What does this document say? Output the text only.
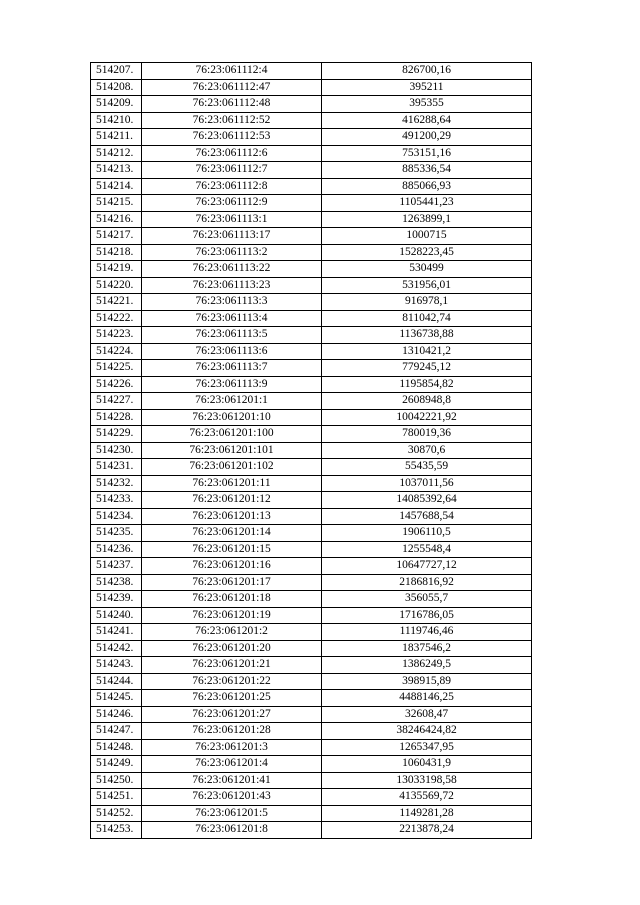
514207.	76:23:061112:4	826700,16
514208.	76:23:061112:47	395211
514209.	76:23:061112:48	395355
514210.	76:23:061112:52	416288,64
514211.	76:23:061112:53	491200,29
514212.	76:23:061112:6	753151,16
514213.	76:23:061112:7	885336,54
514214.	76:23:061112:8	885066,93
514215.	76:23:061112:9	1105441,23
514216.	76:23:061113:1	1263899,1
514217.	76:23:061113:17	1000715
514218.	76:23:061113:2	1528223,45
514219.	76:23:061113:22	530499
514220.	76:23:061113:23	531956,01
514221.	76:23:061113:3	916978,1
514222.	76:23:061113:4	811042,74
514223.	76:23:061113:5	1136738,88
514224.	76:23:061113:6	1310421,2
514225.	76:23:061113:7	779245,12
514226.	76:23:061113:9	1195854,82
514227.	76:23:061201:1	2608948,8
514228.	76:23:061201:10	10042221,92
514229.	76:23:061201:100	780019,36
514230.	76:23:061201:101	30870,6
514231.	76:23:061201:102	55435,59
514232.	76:23:061201:11	1037011,56
514233.	76:23:061201:12	14085392,64
514234.	76:23:061201:13	1457688,54
514235.	76:23:061201:14	1906110,5
514236.	76:23:061201:15	1255548,4
514237.	76:23:061201:16	10647727,12
514238.	76:23:061201:17	2186816,92
514239.	76:23:061201:18	356055,7
514240.	76:23:061201:19	1716786,05
514241.	76:23:061201:2	1119746,46
514242.	76:23:061201:20	1837546,2
514243.	76:23:061201:21	1386249,5
514244.	76:23:061201:22	398915,89
514245.	76:23:061201:25	4488146,25
514246.	76:23:061201:27	32608,47
514247.	76:23:061201:28	38246424,82
514248.	76:23:061201:3	1265347,95
514249.	76:23:061201:4	1060431,9
514250.	76:23:061201:41	13033198,58
514251.	76:23:061201:43	4135569,72
514252.	76:23:061201:5	1149281,28
514253.	76:23:061201:8	2213878,24
